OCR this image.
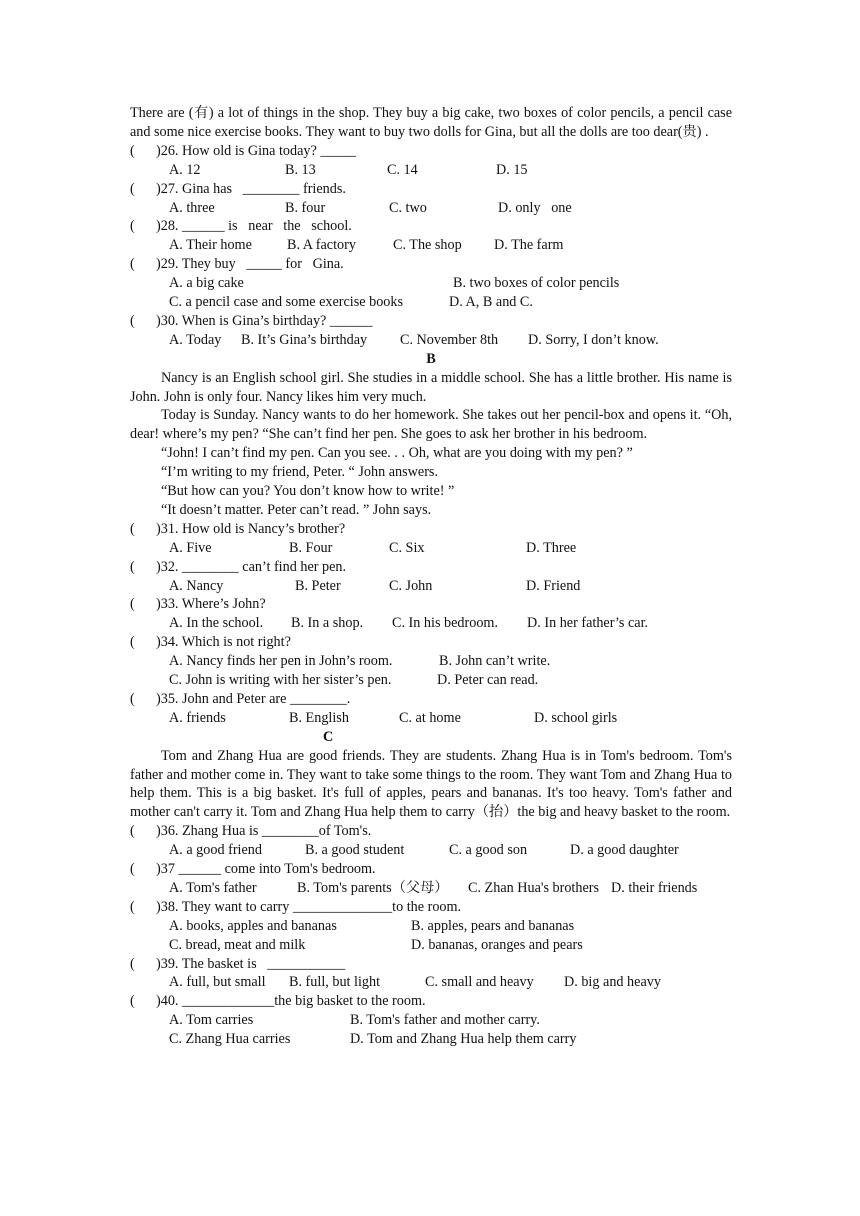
There are (有) a lot of things in the shop. They buy a big cake, two boxes of color pencils, a pencil case and some nice exercise books. They want to buy two dolls for Gina, but all the dolls are too dear(贵) .

(	)26. How old is Gina today? _____
A. 12	B. 13	C. 14	D. 15
(	)27. Gina has   ________ friends.
A. three	B. four	C. two	D. only   one
(	)28. ______ is   near   the   school.
A. Their home	B. A factory	C. The shop	D. The farm
(	)29. They buy   _____ for   Gina.
A. a big cake	B. two boxes of color pencils
C. a pencil case and some exercise books	D. A, B and C.
(	)30. When is Gina’s birthday? ______
A. Today	B. It’s Gina’s birthday	C. November 8th	D. Sorry, I don’t know.

B

Nancy is an English school girl. She studies in a middle school. She has a little brother. His name is John. John is only four. Nancy likes him very much.

Today is Sunday. Nancy wants to do her homework. She takes out her pencil-box and opens it. “Oh, dear! where’s my pen? “She can’t find her pen. She goes to ask her brother in his bedroom.

“John! I can’t find my pen. Can you see. . . Oh, what are you doing with my pen? ”
“I’m writing to my friend, Peter. “ John answers.
“But how can you? You don’t know how to write! ”
“It doesn’t matter. Peter can’t read. ” John says.
(	)31. How old is Nancy’s brother?
A. Five	B. Four	C. Six	D. Three
(	)32. ________ can’t find her pen.
A. Nancy	B. Peter	C. John	D. Friend
(	)33. Where’s John?
A. In the school.	B. In a shop.	C. In his bedroom.	D. In her father’s car.
(	)34. Which is not right?
A. Nancy finds her pen in John’s room.	B. John can’t write.
C. John is writing with her sister’s pen.	D. Peter can read.
(	)35. John and Peter are ________.
A. friends	B. English	C. at home	D. school girls

C

Tom and Zhang Hua are good friends. They are students. Zhang Hua is in Tom's bedroom. Tom's father and mother come in. They want to take some things to the room. They want Tom and Zhang Hua to help them. This is a big basket. It's full of apples, pears and bananas. It's too heavy. Tom's father and mother can't carry it. Tom and Zhang Hua help them to carry（抬）the big and heavy basket to the room.

(	)36. Zhang Hua is ________of Tom's.
A. a good friend	B. a good student	C. a good son	D. a good daughter
(	)37 ______ come into Tom's bedroom.
A. Tom's father	B. Tom's parents（父母）	C. Zhan Hua's brothers D. their friends
(	)38. They want to carry ______________to the room.
A. books, apples and bananas	B. apples, pears and bananas
C. bread, meat and milk	D. bananas, oranges and pears
(	)39. The basket is   ___________
A. full, but small	B. full, but light	C. small and heavy	D. big and heavy
(	)40. _____________the big basket to the room.
A. Tom carries	B. Tom's father and mother carry.
C. Zhang Hua carries	D. Tom and Zhang Hua help them carry
